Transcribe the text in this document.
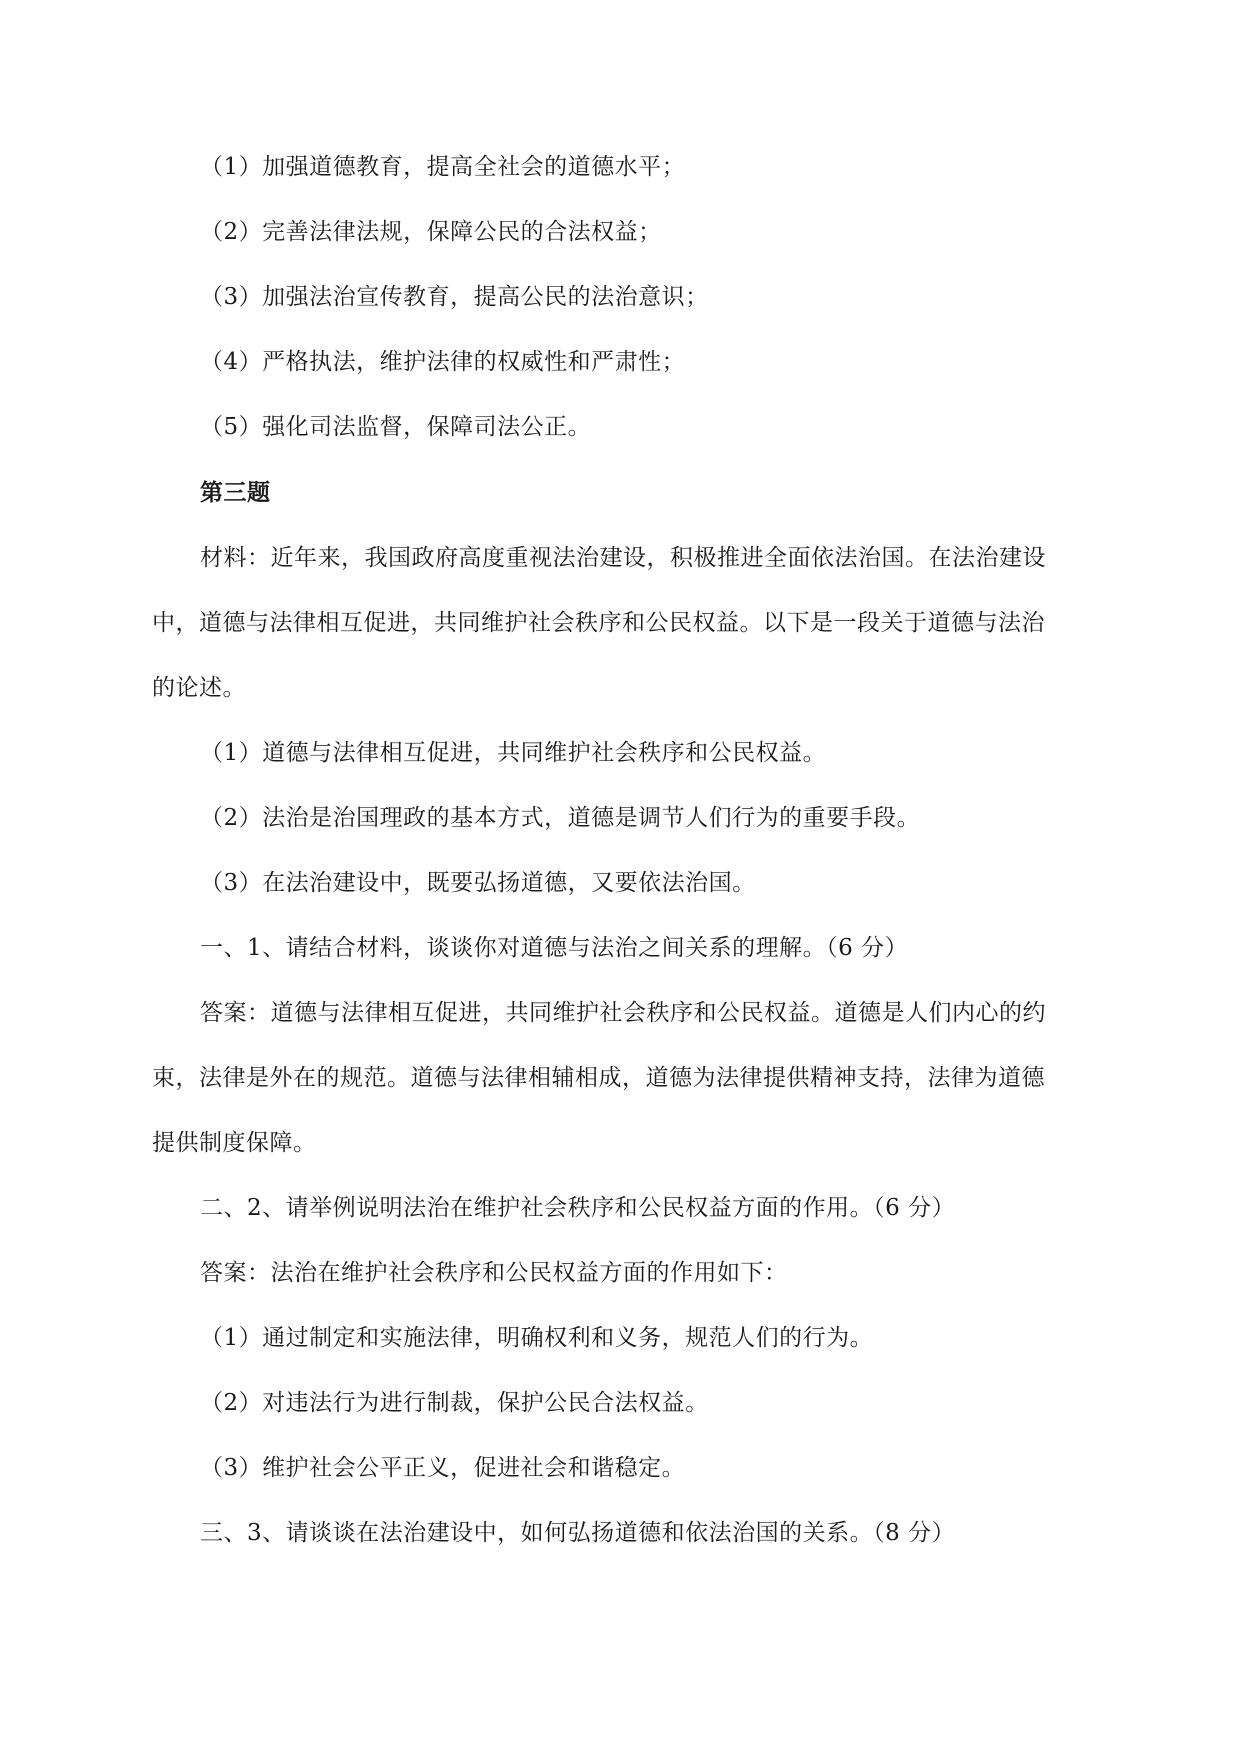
（1）加强道德教育，提高全社会的道德水平；
（2）完善法律法规，保障公民的合法权益；
（3）加强法治宣传教育，提高公民的法治意识；
（4）严格执法，维护法律的权威性和严肃性；
（5）强化司法监督，保障司法公正。
第三题
材料：近年来，我国政府高度重视法治建设，积极推进全面依法治国。在法治建设
中，道德与法律相互促进，共同维护社会秩序和公民权益。以下是一段关于道德与法治
的论述。
（1）道德与法律相互促进，共同维护社会秩序和公民权益。
（2）法治是治国理政的基本方式，道德是调节人们行为的重要手段。
（3）在法治建设中，既要弘扬道德，又要依法治国。
一、1、请结合材料，谈谈你对道德与法治之间关系的理解。（6 分）
答案：道德与法律相互促进，共同维护社会秩序和公民权益。道德是人们内心的约
束，法律是外在的规范。道德与法律相辅相成，道德为法律提供精神支持，法律为道德
提供制度保障。
二、2、请举例说明法治在维护社会秩序和公民权益方面的作用。（6 分）
答案：法治在维护社会秩序和公民权益方面的作用如下：
（1）通过制定和实施法律，明确权利和义务，规范人们的行为。
（2）对违法行为进行制裁，保护公民合法权益。
（3）维护社会公平正义，促进社会和谐稳定。
三、3、请谈谈在法治建设中，如何弘扬道德和依法治国的关系。（8 分）
